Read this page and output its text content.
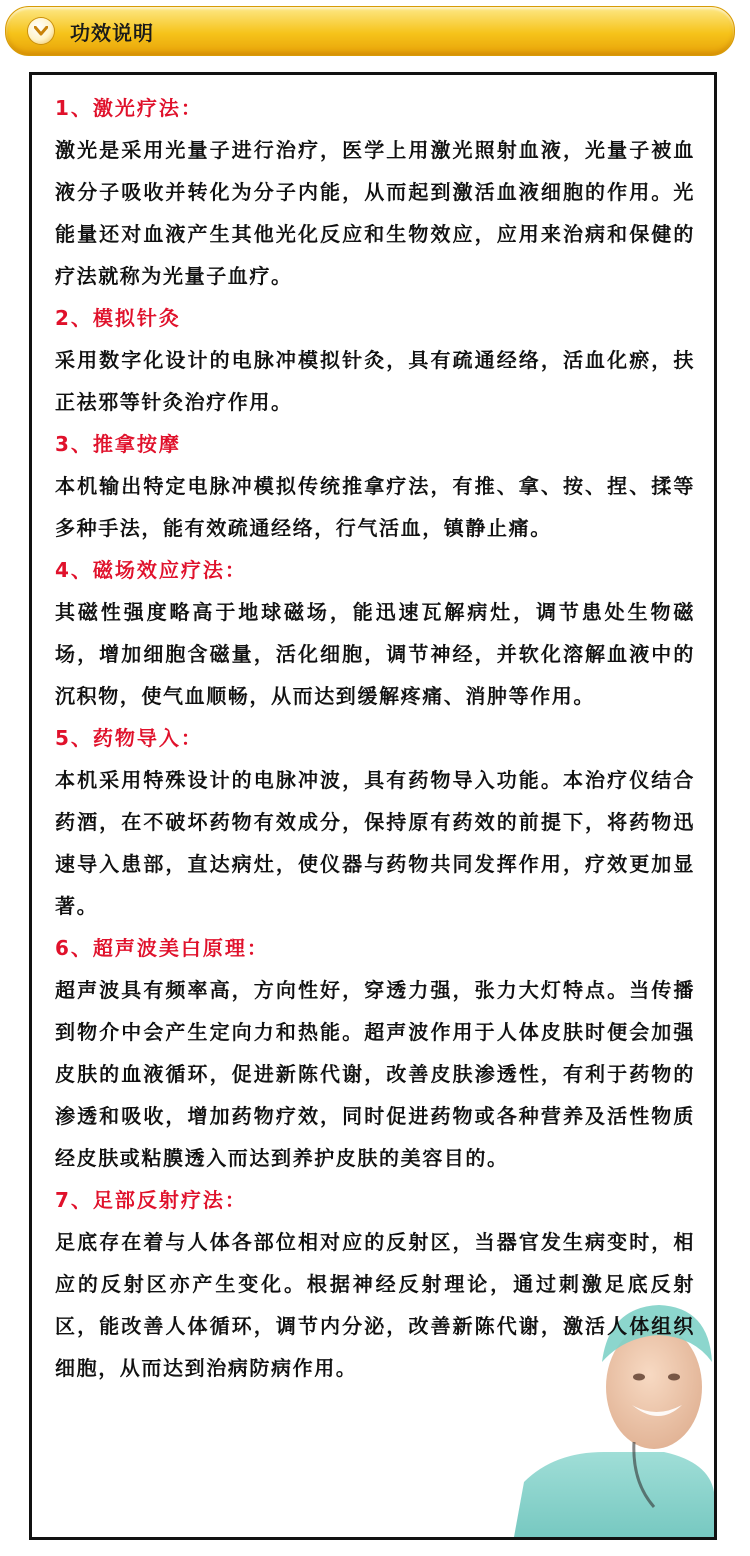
功效说明
1、激光疗法：
激光是采用光量子进行治疗，医学上用激光照射血液，光量子被血液分子吸收并转化为分子内能，从而起到激活血液细胞的作用。光能量还对血液产生其他光化反应和生物效应，应用来治病和保健的疗法就称为光量子血疗。
2、模拟针灸
采用数字化设计的电脉冲模拟针灸，具有疏通经络，活血化瘀，扶正祛邪等针灸治疗作用。
3、推拿按摩
本机输出特定电脉冲模拟传统推拿疗法，有推、拿、按、捏、揉等多种手法，能有效疏通经络，行气活血，镇静止痛。
4、磁场效应疗法：
其磁性强度略高于地球磁场，能迅速瓦解病灶，调节患处生物磁场，增加细胞含磁量，活化细胞，调节神经，并软化溶解血液中的沉积物，使气血顺畅，从而达到缓解疼痛、消肿等作用。
5、药物导入：
本机采用特殊设计的电脉冲波，具有药物导入功能。本治疗仪结合药酒，在不破坏药物有效成分，保持原有药效的前提下，将药物迅速导入患部，直达病灶，使仪器与药物共同发挥作用，疗效更加显著。
6、超声波美白原理：
超声波具有频率高，方向性好，穿透力强，张力大灯特点。当传播到物介中会产生定向力和热能。超声波作用于人体皮肤时便会加强皮肤的血液循环，促进新陈代谢，改善皮肤渗透性，有利于药物的渗透和吸收，增加药物疗效，同时促进药物或各种营养及活性物质经皮肤或粘膜透入而达到养护皮肤的美容目的。
7、足部反射疗法：
足底存在着与人体各部位相对应的反射区，当器官发生病变时，相应的反射区亦产生变化。根据神经反射理论，通过刺激足底反射区，能改善人体循环，调节内分泌，改善新陈代谢，激活人体组织细胞，从而达到治病防病作用。
